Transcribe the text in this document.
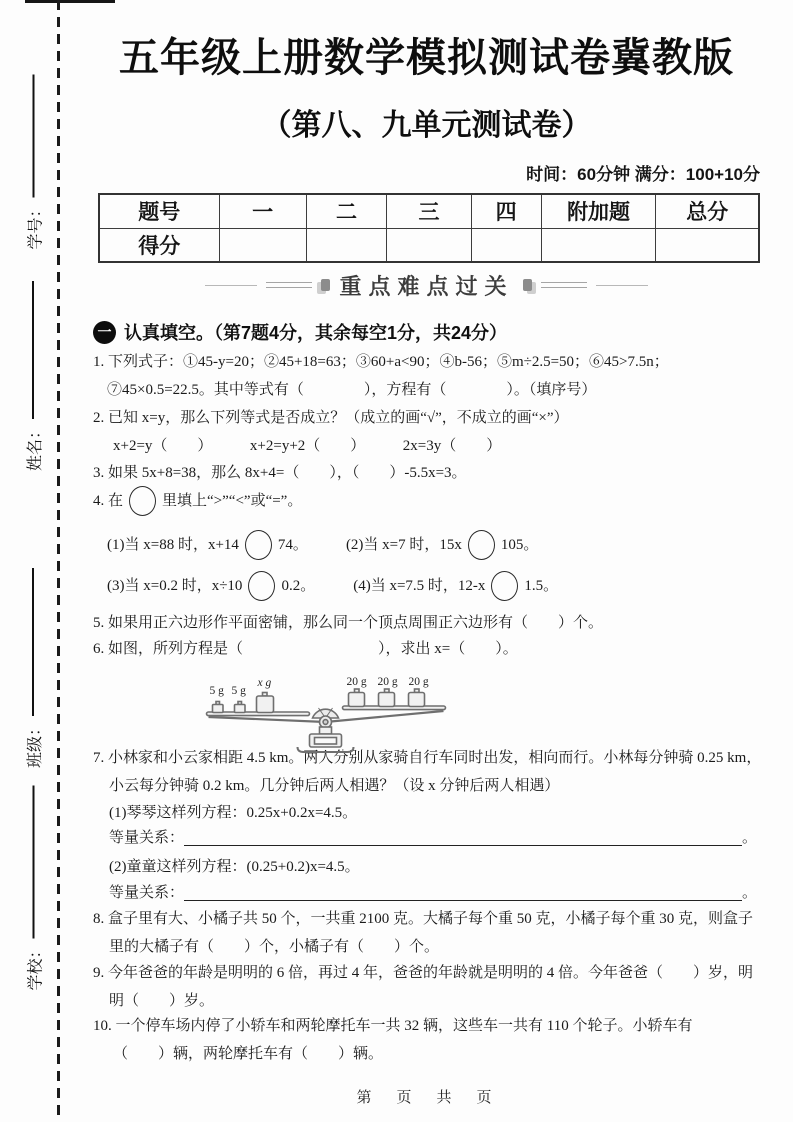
学号：
姓名：
班级：
学校：
五年级上册数学模拟测试卷冀教版
（第八、九单元测试卷）
时间：60分钟 满分：100+10分
题号	一	二	三	四	附加题	总分
得分						
重点难点过关
一 认真填空。（第7题4分，其余每空1分，共24分）
1. 下列式子：①45-y=20；②45+18=63；③60+a<90；④b-56；⑤m÷2.5=50；⑥45>7.5n；
⑦45×0.5=22.5。其中等式有（　　　　），方程有（　　　　）。（填序号）
2. 已知 x=y，那么下列等式是否成立？（成立的画“√”，不成立的画“×”）
x+2=y（　　）　　　x+2=y+2（　　）　　　2x=3y（　　）
3. 如果 5x+8=38，那么 8x+4=（　　），（　　）-5.5x=3。
4. 在	里填上“>”“<”或“=”。
(1)当 x=88 时，x+14	74。	(2)当 x=7 时，15x	105。
(3)当 x=0.2 时，x÷10	0.2。	(4)当 x=7.5 时，12-x	1.5。
5. 如果用正六边形作平面密铺，那么同一个顶点周围正六边形有（　　）个。
6. 如图，所列方程是（　　　　　　　　　），求出 x=（　　）。
7. 小林家和小云家相距 4.5 km。两人分别从家骑自行车同时出发，相向而行。小林每分钟骑 0.25 km，
小云每分钟骑 0.2 km。几分钟后两人相遇？（设 x 分钟后两人相遇）
(1)琴琴这样列方程：0.25x+0.2x=4.5。
等量关系：	。
(2)童童这样列方程：(0.25+0.2)x=4.5。
等量关系：	。
8. 盒子里有大、小橘子共 50 个，一共重 2100 克。大橘子每个重 50 克，小橘子每个重 30 克，则盒子
里的大橘子有（　　）个，小橘子有（　　）个。
9. 今年爸爸的年龄是明明的 6 倍，再过 4 年，爸爸的年龄就是明明的 4 倍。今年爸爸（　　）岁，明
明（　　）岁。
10. 一个停车场内停了小轿车和两轮摩托车一共 32 辆，这些车一共有 110 个轮子。小轿车有
（　　）辆，两轮摩托车有（　　）辆。
5 g 5 g
x g	20 g 20 g 20 g
第　页　共　页
